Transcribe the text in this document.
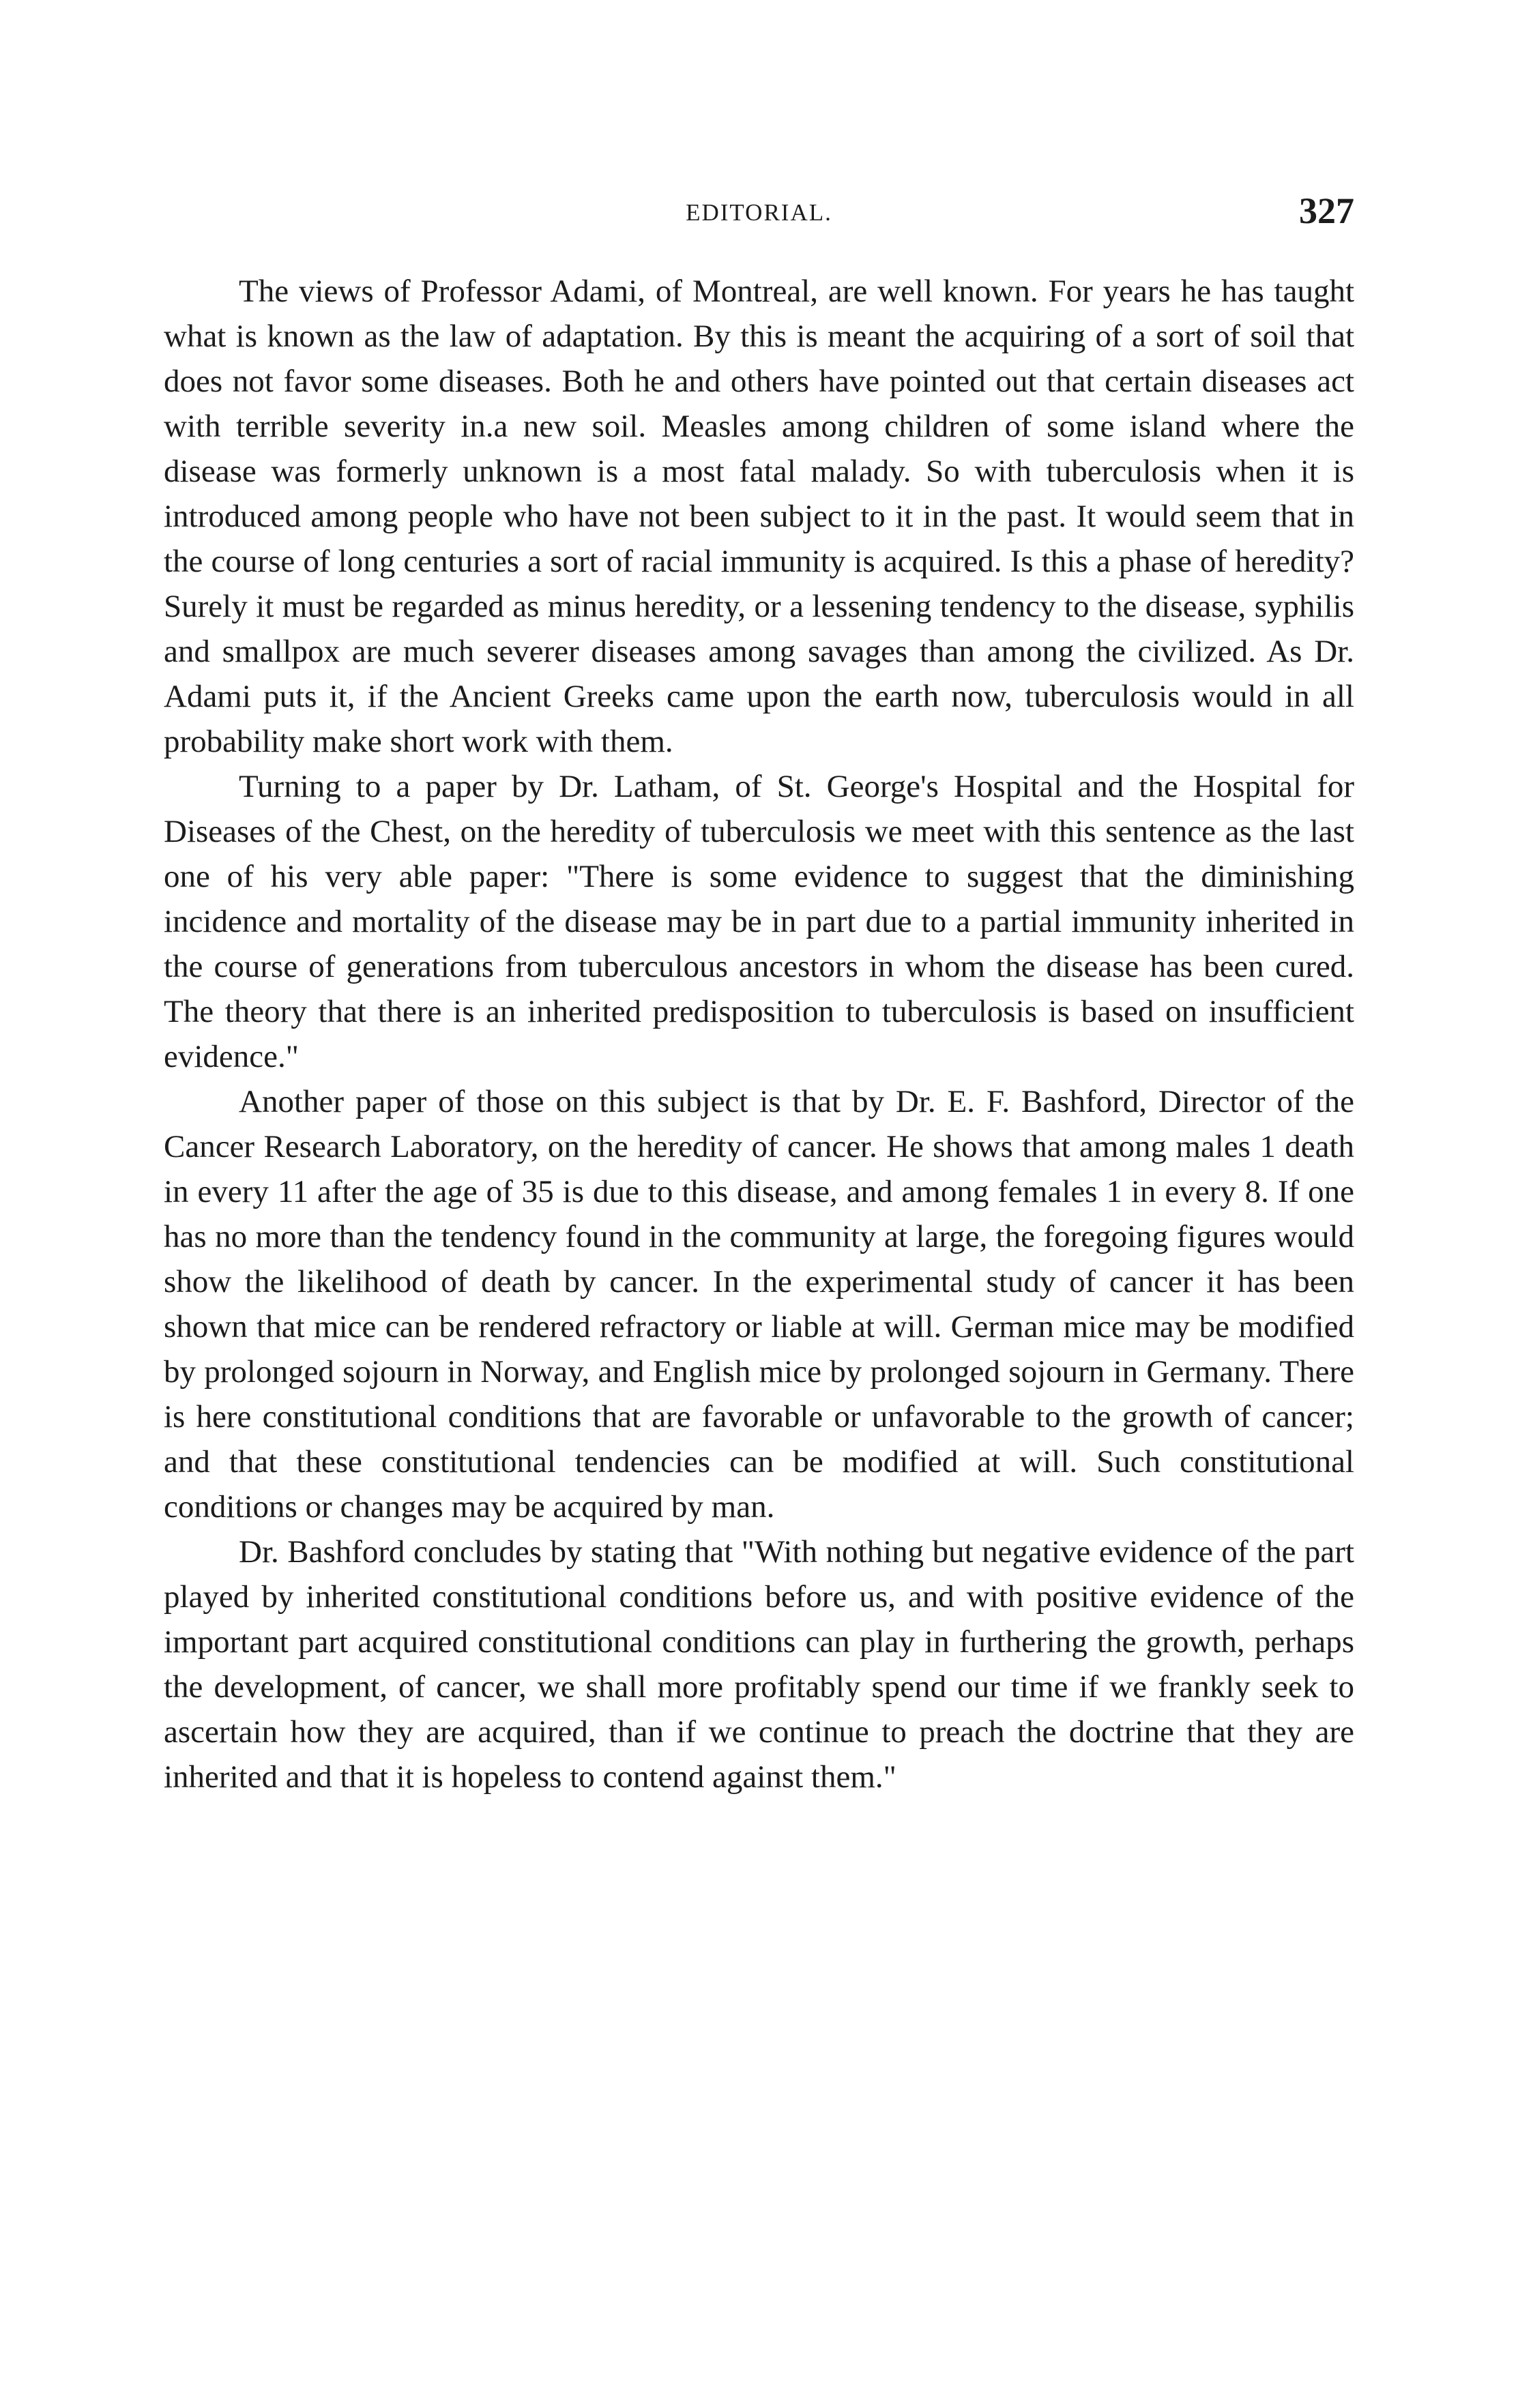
EDITORIAL.	327

The views of Professor Adami, of Montreal, are well known. For years he has taught what is known as the law of adaptation. By this is meant the acquiring of a sort of soil that does not favor some diseases. Both he and others have pointed out that certain diseases act with terrible severity in.a new soil. Measles among children of some island where the disease was formerly unknown is a most fatal malady. So with tuberculosis when it is introduced among people who have not been subject to it in the past. It would seem that in the course of long centuries a sort of racial immunity is acquired. Is this a phase of heredity? Surely it must be regarded as minus heredity, or a lessening tendency to the disease, syphilis and smallpox are much severer diseases among savages than among the civilized. As Dr. Adami puts it, if the Ancient Greeks came upon the earth now, tuberculosis would in all probability make short work with them.

Turning to a paper by Dr. Latham, of St. George's Hospital and the Hospital for Diseases of the Chest, on the heredity of tuberculosis we meet with this sentence as the last one of his very able paper: "There is some evidence to suggest that the diminishing incidence and mortality of the disease may be in part due to a partial immunity inherited in the course of generations from tuberculous ancestors in whom the disease has been cured. The theory that there is an inherited predisposition to tuberculosis is based on insufficient evidence."

Another paper of those on this subject is that by Dr. E. F. Bashford, Director of the Cancer Research Laboratory, on the heredity of cancer. He shows that among males 1 death in every 11 after the age of 35 is due to this disease, and among females 1 in every 8. If one has no more than the tendency found in the community at large, the foregoing figures would show the likelihood of death by cancer. In the experimental study of cancer it has been shown that mice can be rendered refractory or liable at will. German mice may be modified by prolonged sojourn in Norway, and English mice by prolonged sojourn in Germany. There is here constitutional conditions that are favorable or unfavorable to the growth of cancer; and that these constitutional tendencies can be modified at will. Such constitutional conditions or changes may be acquired by man.

Dr. Bashford concludes by stating that "With nothing but negative evidence of the part played by inherited constitutional conditions before us, and with positive evidence of the important part acquired constitutional conditions can play in furthering the growth, perhaps the development, of cancer, we shall more profitably spend our time if we frankly seek to ascertain how they are acquired, than if we continue to preach the doctrine that they are inherited and that it is hopeless to contend against them."
